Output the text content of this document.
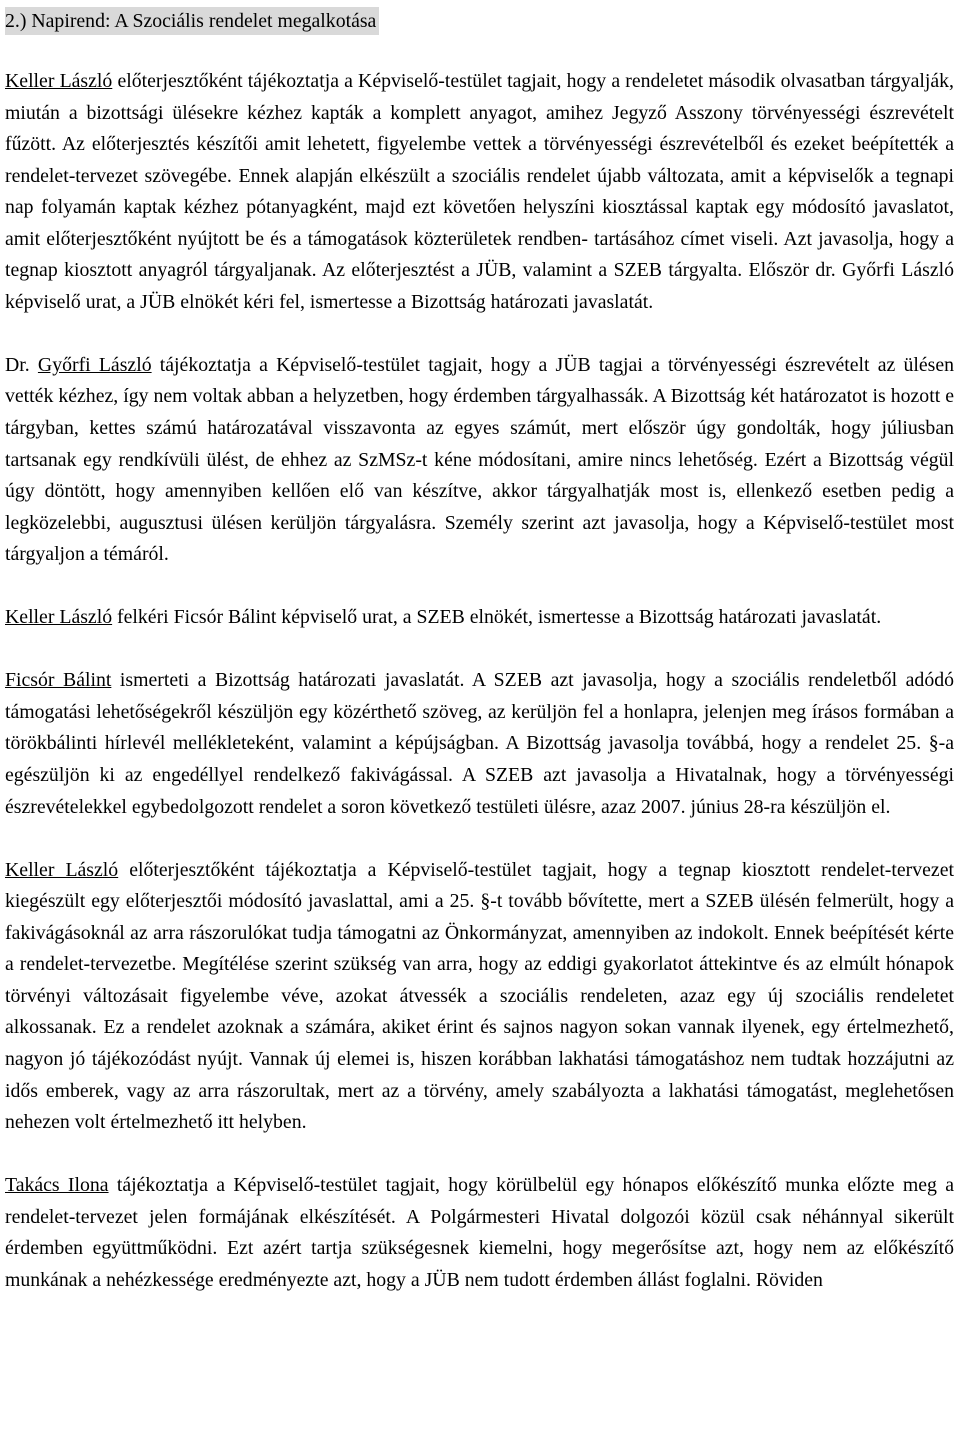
2.) Napirend: A Szociális rendelet megalkotása

Keller László előterjesztőként tájékoztatja a Képviselő-testület tagjait, hogy a rendeletet második olvasatban tárgyalják, miután a bizottsági ülésekre kézhez kapták a komplett anyagot, amihez Jegyző Asszony törvényességi észrevételt fűzött. Az előterjesztés készítői amit lehetett, figyelembe vettek a törvényességi észrevételből és ezeket beépítették a rendelet-tervezet szövegébe. Ennek alapján elkészült a szociális rendelet újabb változata, amit a képviselők a tegnapi nap folyamán kaptak kézhez pótanyagként, majd ezt követően helyszíni kiosztással kaptak egy módosító javaslatot, amit előterjesztőként nyújtott be és a támogatások közterületek rendben- tartásához címet viseli. Azt javasolja, hogy a tegnap kiosztott anyagról tárgyaljanak. Az előterjesztést a JÜB, valamint a SZEB tárgyalta. Először dr. Győrfi László képviselő urat, a JÜB elnökét kéri fel, ismertesse a Bizottság határozati javaslatát.

Dr. Győrfi László tájékoztatja a Képviselő-testület tagjait, hogy a JÜB tagjai a törvényességi észrevételt az ülésen vették kézhez, így nem voltak abban a helyzetben, hogy érdemben tárgyalhassák. A Bizottság két határozatot is hozott e tárgyban, kettes számú határozatával visszavonta az egyes számút, mert először úgy gondolták, hogy júliusban tartsanak egy rendkívüli ülést, de ehhez az SzMSz-t kéne módosítani, amire nincs lehetőség. Ezért a Bizottság végül úgy döntött, hogy amennyiben kellően elő van készítve, akkor tárgyalhatják most is, ellenkező esetben pedig a legközelebbi, augusztusi ülésen kerüljön tárgyalásra. Személy szerint azt javasolja, hogy a Képviselő-testület most tárgyaljon a témáról.

Keller László felkéri Ficsór Bálint képviselő urat, a SZEB elnökét, ismertesse a Bizottság határozati javaslatát.

Ficsór Bálint ismerteti a Bizottság határozati javaslatát. A SZEB azt javasolja, hogy a szociális rendeletből adódó támogatási lehetőségekről készüljön egy közérthető szöveg, az kerüljön fel a honlapra, jelenjen meg írásos formában a törökbálinti hírlevél mellékleteként, valamint a képújságban. A Bizottság javasolja továbbá, hogy a rendelet 25. §-a egészüljön ki az engedéllyel rendelkező fakivágással. A SZEB azt javasolja a Hivatalnak, hogy a törvényességi észrevételekkel egybedolgozott rendelet a soron következő testületi ülésre, azaz 2007. június 28-ra készüljön el.

Keller László előterjesztőként tájékoztatja a Képviselő-testület tagjait, hogy a tegnap kiosztott rendelet-tervezet kiegészült egy előterjesztői módosító javaslattal, ami a 25. §-t tovább bővítette, mert a SZEB ülésén felmerült, hogy a fakivágásoknál az arra rászorulókat tudja támogatni az Önkormányzat, amennyiben az indokolt. Ennek beépítését kérte a rendelet-tervezetbe. Megítélése szerint szükség van arra, hogy az eddigi gyakorlatot áttekintve és az elmúlt hónapok törvényi változásait figyelembe véve, azokat átvessék a szociális rendeleten, azaz egy új szociális rendeletet alkossanak. Ez a rendelet azoknak a számára, akiket érint és sajnos nagyon sokan vannak ilyenek, egy értelmezhető, nagyon jó tájékozódást nyújt. Vannak új elemei is, hiszen korábban lakhatási támogatáshoz nem tudtak hozzájutni az idős emberek, vagy az arra rászorultak, mert az a törvény, amely szabályozta a lakhatási támogatást, meglehetősen nehezen volt értelmezhető itt helyben.

Takács Ilona tájékoztatja a Képviselő-testület tagjait, hogy körülbelül egy hónapos előkészítő munka előzte meg a rendelet-tervezet jelen formájának elkészítését. A Polgármesteri Hivatal dolgozói közül csak néhánnyal sikerült érdemben együttműködni. Ezt azért tartja szükségesnek kiemelni, hogy megerősítse azt, hogy nem az előkészítő munkának a nehézkessége eredményezte azt, hogy a JÜB nem tudott érdemben állást foglalni. Röviden
